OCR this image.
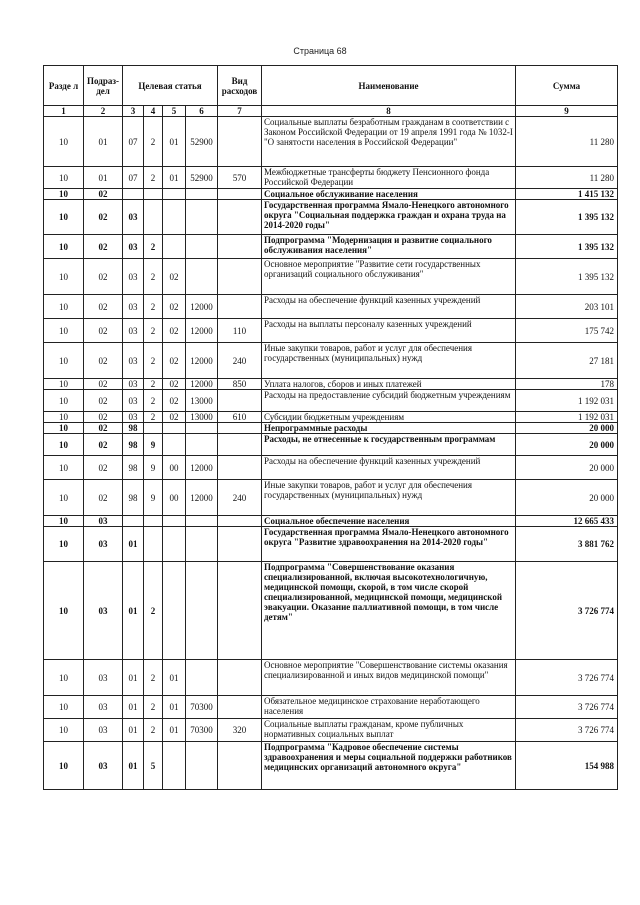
Страница 68
Разде л	Подраз-дел	Целевая статья				Вид расходов	Наименование	Сумма
1	2	3	4	5	6	7	8	9
10	01	07	2	01	52900		Социальные выплаты безработным гражданам в соответствии с Законом Российской Федерации от 19 апреля 1991 года № 1032-I "О занятости населения в Российской Федерации"	11 280
10	01	07	2	01	52900	570	Межбюджетные трансферты бюджету Пенсионного фонда Российской Федерации	11 280
10	02						Социальное обслуживание населения	1 415 132
10	02	03					Государственная программа Ямало-Ненецкого автономного округа "Социальная поддержка граждан и охрана труда на 2014-2020 годы"	1 395 132
10	02	03	2				Подпрограмма "Модернизация и развитие социального обслуживания населения"	1 395 132
10	02	03	2	02			Основное мероприятие "Развитие сети государственных организаций социального обслуживания"	1 395 132
10	02	03	2	02	12000		Расходы на обеспечение функций казенных учреждений	203 101
10	02	03	2	02	12000	110	Расходы на выплаты персоналу казенных учреждений	175 742
10	02	03	2	02	12000	240	Иные закупки товаров, работ и услуг для обеспечения государственных (муниципальных) нужд	27 181
10	02	03	2	02	12000	850	Уплата налогов, сборов и иных платежей	178
10	02	03	2	02	13000		Расходы на предоставление субсидий бюджетным учреждениям	1 192 031
10	02	03	2	02	13000	610	Субсидии бюджетным учреждениям	1 192 031
10	02	98					Непрограммные расходы	20 000
10	02	98	9				Расходы, не отнесенные к государственным программам	20 000
10	02	98	9	00	12000		Расходы на обеспечение функций казенных учреждений	20 000
10	02	98	9	00	12000	240	Иные закупки товаров, работ и услуг для обеспечения государственных (муниципальных) нужд	20 000
10	03						Социальное обеспечение населения	12 665 433
10	03	01					Государственная программа Ямало-Ненецкого автономного округа "Развитие здравоохранения на 2014-2020 годы"	3 881 762
10	03	01	2				Подпрограмма "Совершенствование оказания специализированной, включая высокотехнологичную, медицинской помощи, скорой, в том числе скорой специализированной, медицинской помощи, медицинской эвакуации. Оказание паллиативной помощи, в том числе детям"	3 726 774
10	03	01	2	01			Основное мероприятие "Совершенствование системы оказания специализированной и иных видов медицинской помощи"	3 726 774
10	03	01	2	01	70300		Обязательное медицинское страхование неработающего населения	3 726 774
10	03	01	2	01	70300	320	Социальные выплаты гражданам, кроме публичных нормативных социальных выплат	3 726 774
10	03	01	5				Подпрограмма "Кадровое обеспечение системы здравоохранения и меры социальной поддержки работников медицинских организаций автономного округа"	154 988
